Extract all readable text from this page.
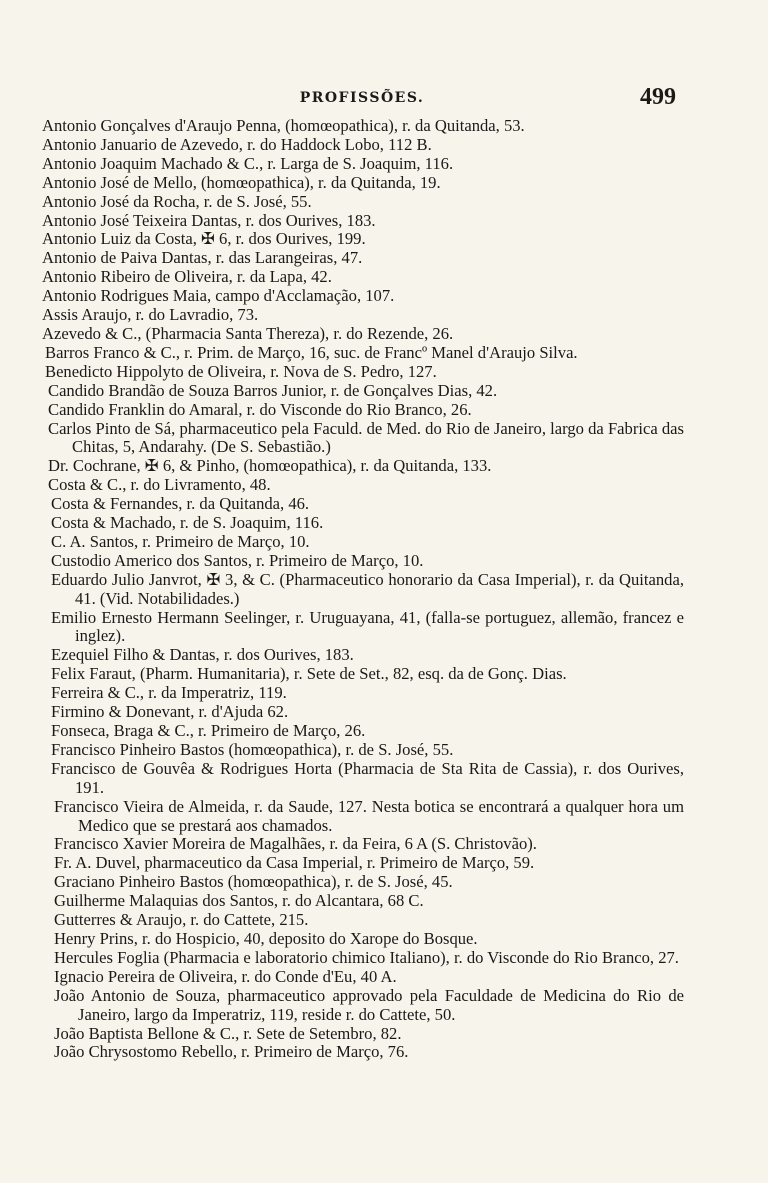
PROFISSÕES.	499
Antonio Gonçalves d'Araujo Penna, (homœopathica), r. da Quitanda, 53.
Antonio Januario de Azevedo, r. do Haddock Lobo, 112 B.
Antonio Joaquim Machado & C., r. Larga de S. Joaquim, 116.
Antonio José de Mello, (homœopathica), r. da Quitanda, 19.
Antonio José da Rocha, r. de S. José, 55.
Antonio José Teixeira Dantas, r. dos Ourives, 183.
Antonio Luiz da Costa, ✠ 6, r. dos Ourives, 199.
Antonio de Paiva Dantas, r. das Larangeiras, 47.
Antonio Ribeiro de Oliveira, r. da Lapa, 42.
Antonio Rodrigues Maia, campo d'Acclamação, 107.
Assis Araujo, r. do Lavradio, 73.
Azevedo & C., (Pharmacia Santa Thereza), r. do Rezende, 26.
Barros Franco & C., r. Prim. de Março, 16, suc. de Francº Manel d'Araujo Silva.
Benedicto Hippolyto de Oliveira, r. Nova de S. Pedro, 127.
Candido Brandão de Souza Barros Junior, r. de Gonçalves Dias, 42.
Candido Franklin do Amaral, r. do Visconde do Rio Branco, 26.
Carlos Pinto de Sá, pharmaceutico pela Faculd. de Med. do Rio de Janeiro, largo da Fabrica das Chitas, 5, Andarahy. (De S. Sebastião.)
Dr. Cochrane, ✠ 6, & Pinho, (homœopathica), r. da Quitanda, 133.
Costa & C., r. do Livramento, 48.
Costa & Fernandes, r. da Quitanda, 46.
Costa & Machado, r. de S. Joaquim, 116.
C. A. Santos, r. Primeiro de Março, 10.
Custodio Americo dos Santos, r. Primeiro de Março, 10.
Eduardo Julio Janvrot, ✠ 3, & C. (Pharmaceutico honorario da Casa Imperial), r. da Quitanda, 41. (Vid. Notabilidades.)
Emilio Ernesto Hermann Seelinger, r. Uruguayana, 41, (falla-se portuguez, allemão, francez e inglez).
Ezequiel Filho & Dantas, r. dos Ourives, 183.
Felix Faraut, (Pharm. Humanitaria), r. Sete de Set., 82, esq. da de Gonç. Dias.
Ferreira & C., r. da Imperatriz, 119.
Firmino & Donevant, r. d'Ajuda 62.
Fonseca, Braga & C., r. Primeiro de Março, 26.
Francisco Pinheiro Bastos (homœopathica), r. de S. José, 55.
Francisco de Gouvêa & Rodrigues Horta (Pharmacia de Sta Rita de Cassia), r. dos Ourives, 191.
Francisco Vieira de Almeida, r. da Saude, 127. Nesta botica se encontrará a qualquer hora um Medico que se prestará aos chamados.
Francisco Xavier Moreira de Magalhães, r. da Feira, 6 A (S. Christovão).
Fr. A. Duvel, pharmaceutico da Casa Imperial, r. Primeiro de Março, 59.
Graciano Pinheiro Bastos (homœopathica), r. de S. José, 45.
Guilherme Malaquias dos Santos, r. do Alcantara, 68 C.
Gutterres & Araujo, r. do Cattete, 215.
Henry Prins, r. do Hospicio, 40, deposito do Xarope do Bosque.
Hercules Foglia (Pharmacia e laboratorio chimico Italiano), r. do Visconde do Rio Branco, 27.
Ignacio Pereira de Oliveira, r. do Conde d'Eu, 40 A.
João Antonio de Souza, pharmaceutico approvado pela Faculdade de Medicina do Rio de Janeiro, largo da Imperatriz, 119, reside r. do Cattete, 50.
João Baptista Bellone & C., r. Sete de Setembro, 82.
João Chrysostomo Rebello, r. Primeiro de Março, 76.
